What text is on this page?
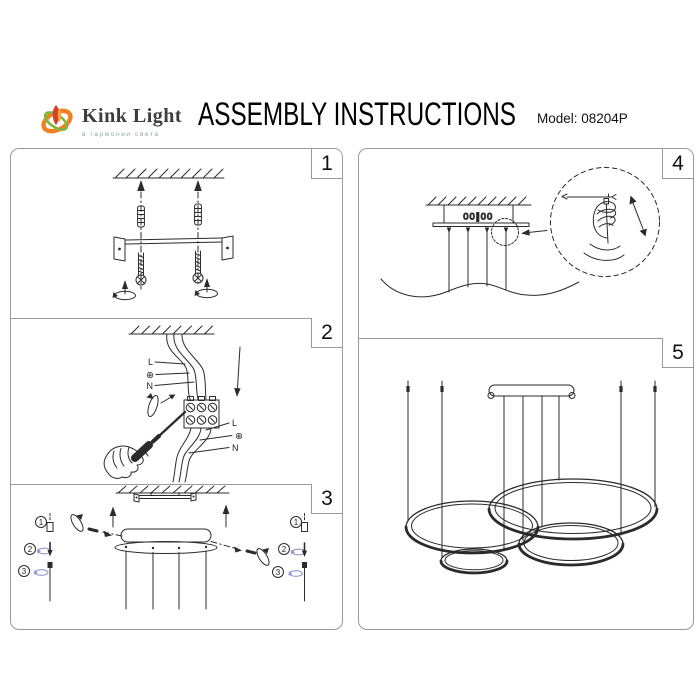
Kink Light
в гармонии света
ASSEMBLY INSTRUCTIONS Model: 08204P
1
2
3
L
⊕
N
L
⊕
N
1
2
3
1
2
3
4
5
00‖00
